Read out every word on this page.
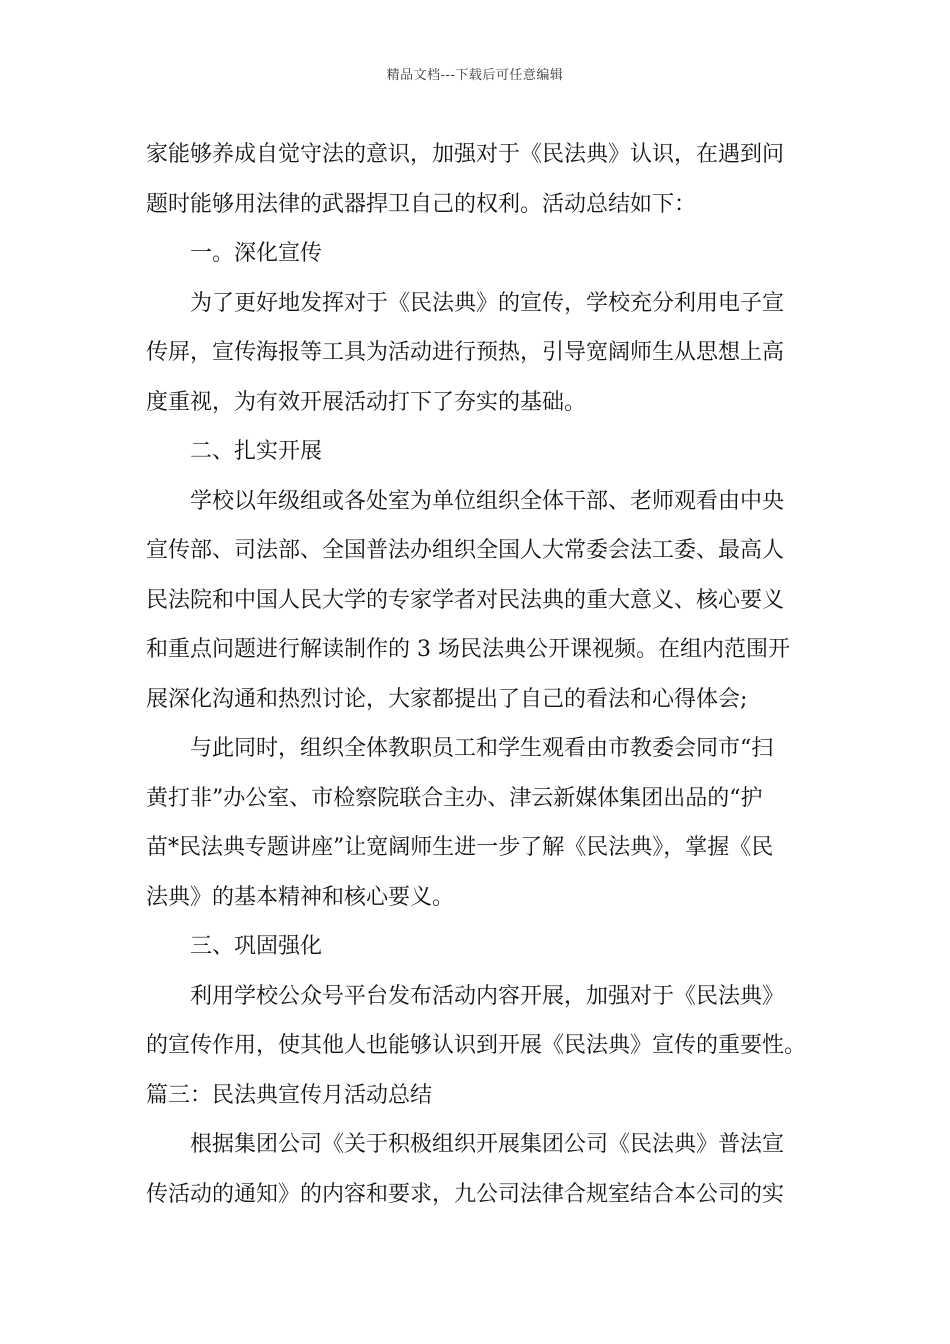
精品文档---下载后可任意编辑
家能够养成自觉守法的意识，加强对于《民法典》认识，在遇到问
题时能够用法律的武器捍卫自己的权利。活动总结如下：
一。深化宣传
为了更好地发挥对于《民法典》的宣传，学校充分利用电子宣
传屏，宣传海报等工具为活动进行预热，引导宽阔师生从思想上高
度重视，为有效开展活动打下了夯实的基础。
二、扎实开展
学校以年级组或各处室为单位组织全体干部、老师观看由中央
宣传部、司法部、全国普法办组织全国人大常委会法工委、最高人
民法院和中国人民大学的专家学者对民法典的重大意义、核心要义
和重点问题进行解读制作的 3 场民法典公开课视频。在组内范围开
展深化沟通和热烈讨论，大家都提出了自己的看法和心得体会;
与此同时，组织全体教职员工和学生观看由市教委会同市“扫
黄打非”办公室、市检察院联合主办、津云新媒体集团出品的“护
苗*民法典专题讲座”让宽阔师生进一步了解《民法典》，掌握《民
法典》的基本精神和核心要义。
三、巩固强化
利用学校公众号平台发布活动内容开展，加强对于《民法典》
的宣传作用，使其他人也能够认识到开展《民法典》宣传的重要性。
篇三：民法典宣传月活动总结
根据集团公司《关于积极组织开展集团公司《民法典》普法宣
传活动的通知》的内容和要求，九公司法律合规室结合本公司的实
